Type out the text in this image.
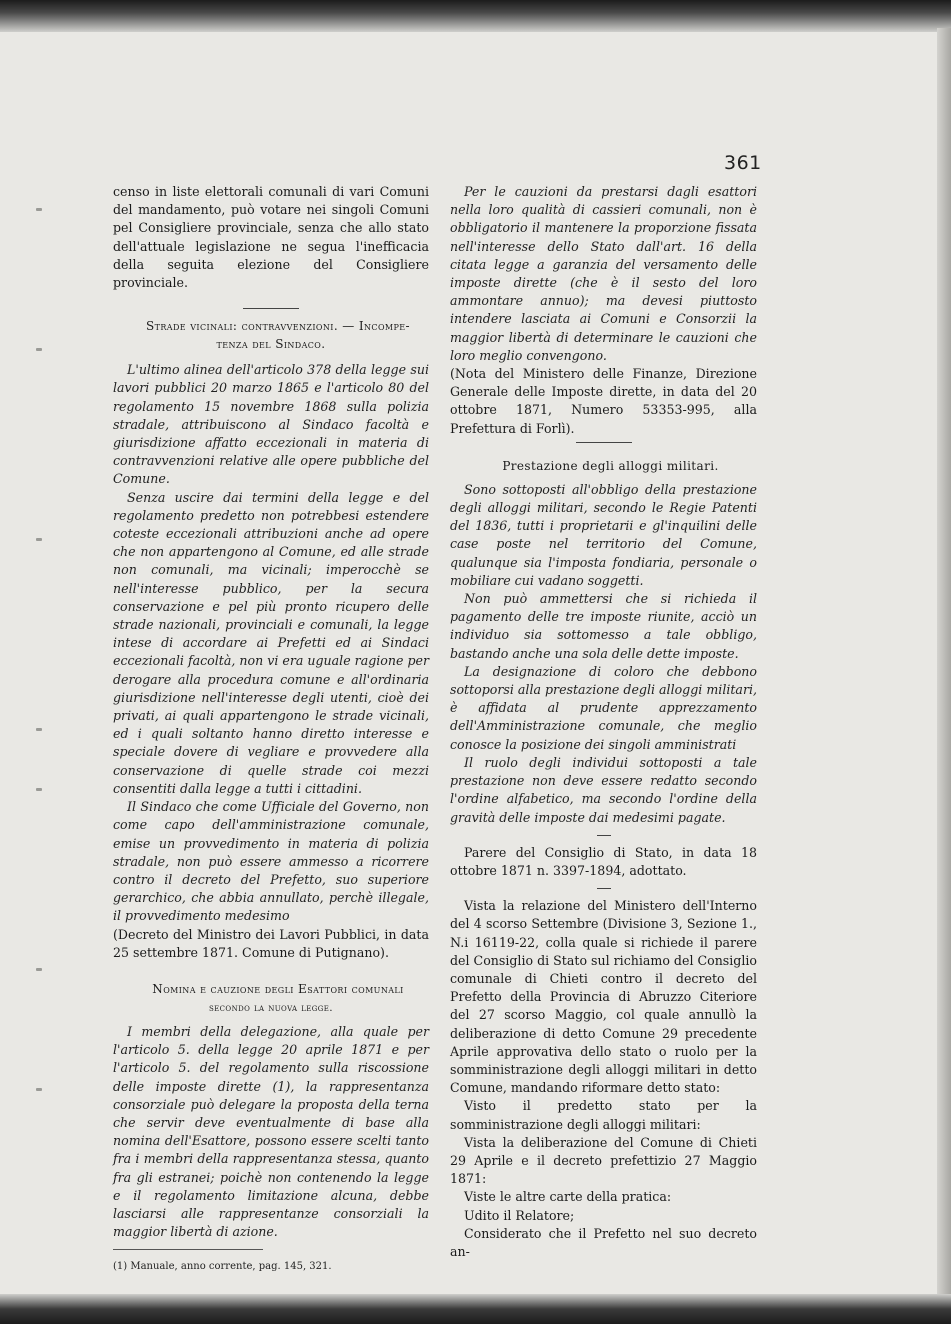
361

censo in liste elettorali comunali di vari Comuni del mandamento, può votare nei singoli Comuni pel Consigliere provinciale, senza che allo stato dell'attuale legislazione ne segua l'inefficacia della seguita elezione del Consigliere provinciale.

Strade vicinali: contravvenzioni. — Incompe-
tenza del Sindaco.

L'ultimo alinea dell'articolo 378 della legge sui lavori pubblici 20 marzo 1865 e l'articolo 80 del regolamento 15 novembre 1868 sulla polizia stradale, attribuiscono al Sindaco facoltà e giurisdizione affatto eccezionali in materia di contravvenzioni relative alle opere pubbliche del Comune.

Senza uscire dai termini della legge e del regolamento predetto non potrebbesi estendere coteste eccezionali attribuzioni anche ad opere che non appartengono al Comune, ed alle strade non comunali, ma vicinali; imperocchè se nell'interesse pubblico, per la secura conservazione e pel più pronto ricupero delle strade nazionali, provinciali e comunali, la legge intese di accordare ai Prefetti ed ai Sindaci eccezionali facoltà, non vi era uguale ragione per derogare alla procedura comune e all'ordinaria giurisdizione nell'interesse degli utenti, cioè dei privati, ai quali appartengono le strade vicinali, ed i quali soltanto hanno diretto interesse e speciale dovere di vegliare e provvedere alla conservazione di quelle strade coi mezzi consentiti dalla legge a tutti i cittadini.

Il Sindaco che come Ufficiale del Governo, non come capo dell'amministrazione comunale, emise un provvedimento in materia di polizia stradale, non può essere ammesso a ricorrere contro il decreto del Prefetto, suo superiore gerarchico, che abbia annullato, perchè illegale, il provvedimento medesimo

(Decreto del Ministro dei Lavori Pubblici, in data 25 settembre 1871. Comune di Putignano).

Nomina e cauzione degli Esattori comunali
secondo la nuova legge.

I membri della delegazione, alla quale per l'articolo 5. della legge 20 aprile 1871 e per l'articolo 5. del regolamento sulla riscossione delle imposte dirette (1), la rappresentanza consorziale può delegare la proposta della terna che servir deve eventualmente di base alla nomina dell'Esattore, possono essere scelti tanto fra i membri della rappresentanza stessa, quanto fra gli estranei; poichè non contenendo la legge e il regolamento limitazione alcuna, debbe lasciarsi alle rappresentanze consorziali la maggior libertà di azione.

(1) Manuale, anno corrente, pag. 145, 321.

Per le cauzioni da prestarsi dagli esattori nella loro qualità di cassieri comunali, non è obbligatorio il mantenere la proporzione fissata nell'interesse dello Stato dall'art. 16 della citata legge a garanzia del versamento delle imposte dirette (che è il sesto del loro ammontare annuo); ma devesi piuttosto intendere lasciata ai Comuni e Consorzii la maggior libertà di determinare le cauzioni che loro meglio convengono.

(Nota del Ministero delle Finanze, Direzione Generale delle Imposte dirette, in data del 20 ottobre 1871, Numero 53353-995, alla Prefettura di Forlì).

Prestazione degli alloggi militari.

Sono sottoposti all'obbligo della prestazione degli alloggi militari, secondo le Regie Patenti del 1836, tutti i proprietarii e gl'inquilini delle case poste nel territorio del Comune, qualunque sia l'imposta fondiaria, personale o mobiliare cui vadano soggetti.

Non può ammettersi che si richieda il pagamento delle tre imposte riunite, acciò un individuo sia sottomesso a tale obbligo, bastando anche una sola delle dette imposte.

La designazione di coloro che debbono sottoporsi alla prestazione degli alloggi militari, è affidata al prudente apprezzamento dell'Amministrazione comunale, che meglio conosce la posizione dei singoli amministrati

Il ruolo degli individui sottoposti a tale prestazione non deve essere redatto secondo l'ordine alfabetico, ma secondo l'ordine della gravità delle imposte dai medesimi pagate.

Parere del Consiglio di Stato, in data 18 ottobre 1871 n. 3397-1894, adottato.

Vista la relazione del Ministero dell'Interno del 4 scorso Settembre (Divisione 3, Sezione 1., N.i 16119-22, colla quale si richiede il parere del Consiglio di Stato sul richiamo del Consiglio comunale di Chieti contro il decreto del Prefetto della Provincia di Abruzzo Citeriore del 27 scorso Maggio, col quale annullò la deliberazione di detto Comune 29 precedente Aprile approvativa dello stato o ruolo per la somministrazione degli alloggi militari in detto Comune, mandando riformare detto stato:

Visto il predetto stato per la somministrazione degli alloggi militari:

Vista la deliberazione del Comune di Chieti 29 Aprile e il decreto prefettizio 27 Maggio 1871:

Viste le altre carte della pratica:

Udito il Relatore;

Considerato che il Prefetto nel suo decreto an-
